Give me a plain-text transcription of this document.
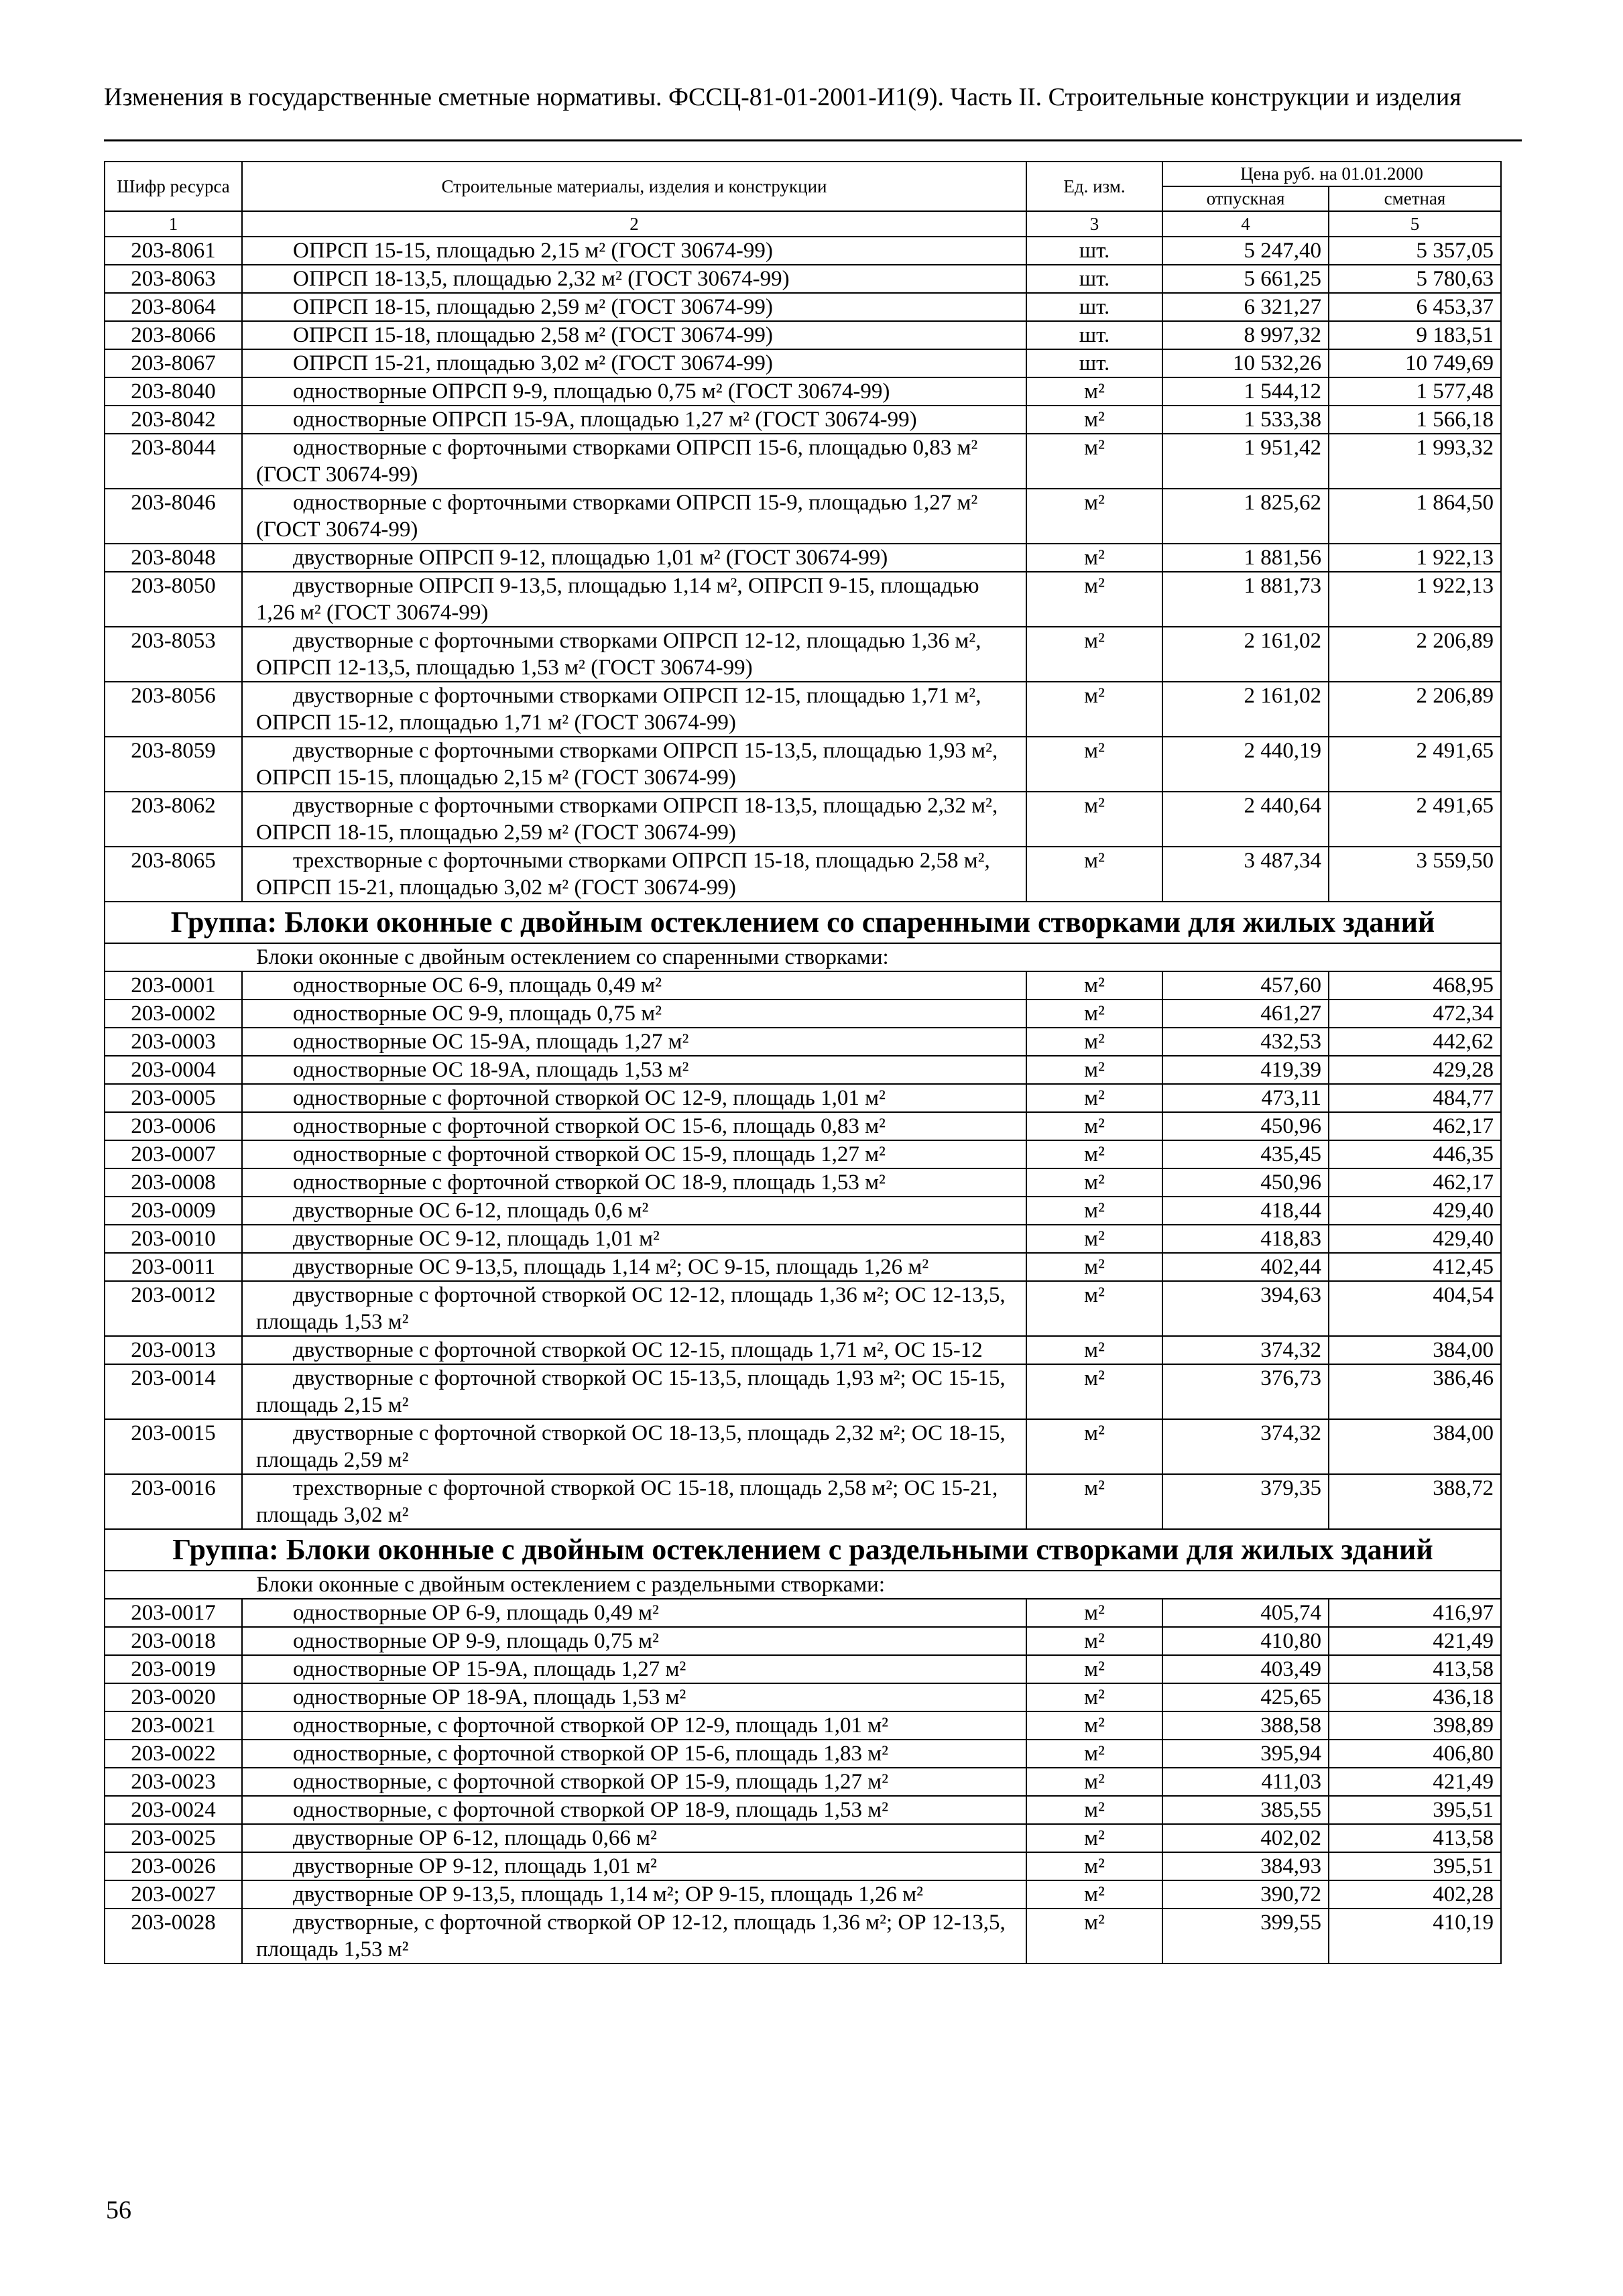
Изменения в государственные сметные нормативы. ФССЦ-81-01-2001-И1(9). Часть II. Строительные конструкции и изделия
Шифр ресурса	Строительные материалы, изделия и конструкции	Ед. изм.	Цена руб. на 01.01.2000	
			отпускная	сметная
1	2	3	4	5
203-8061	ОПРСП 15-15, площадью 2,15 м² (ГОСТ 30674-99)	шт.	5 247,40	5 357,05
203-8063	ОПРСП 18-13,5, площадью 2,32 м² (ГОСТ 30674-99)	шт.	5 661,25	5 780,63
203-8064	ОПРСП 18-15, площадью 2,59 м² (ГОСТ 30674-99)	шт.	6 321,27	6 453,37
203-8066	ОПРСП 15-18, площадью 2,58 м² (ГОСТ 30674-99)	шт.	8 997,32	9 183,51
203-8067	ОПРСП 15-21, площадью 3,02 м² (ГОСТ 30674-99)	шт.	10 532,26	10 749,69
203-8040	одностворные ОПРСП 9-9, площадью 0,75 м² (ГОСТ 30674-99)	м²	1 544,12	1 577,48
203-8042	одностворные ОПРСП 15-9А, площадью 1,27 м² (ГОСТ 30674-99)	м²	1 533,38	1 566,18
203-8044	одностворные с форточными створками ОПРСП 15-6, площадью 0,83 м² (ГОСТ 30674-99)	м²	1 951,42	1 993,32
203-8046	одностворные с форточными створками ОПРСП 15-9, площадью 1,27 м² (ГОСТ 30674-99)	м²	1 825,62	1 864,50
203-8048	двустворные ОПРСП 9-12, площадью 1,01 м² (ГОСТ 30674-99)	м²	1 881,56	1 922,13
203-8050	двустворные ОПРСП 9-13,5, площадью 1,14 м², ОПРСП 9-15, площадью 1,26 м² (ГОСТ 30674-99)	м²	1 881,73	1 922,13
203-8053	двустворные с форточными створками ОПРСП 12-12, площадью 1,36 м², ОПРСП 12-13,5, площадью 1,53 м² (ГОСТ 30674-99)	м²	2 161,02	2 206,89
203-8056	двустворные с форточными створками ОПРСП 12-15, площадью 1,71 м², ОПРСП 15-12, площадью 1,71 м² (ГОСТ 30674-99)	м²	2 161,02	2 206,89
203-8059	двустворные с форточными створками ОПРСП 15-13,5, площадью 1,93 м², ОПРСП 15-15, площадью 2,15 м² (ГОСТ 30674-99)	м²	2 440,19	2 491,65
203-8062	двустворные с форточными створками ОПРСП 18-13,5, площадью 2,32 м², ОПРСП 18-15, площадью 2,59 м² (ГОСТ 30674-99)	м²	2 440,64	2 491,65
203-8065	трехстворные с форточными створками ОПРСП 15-18, площадью 2,58 м², ОПРСП 15-21, площадью 3,02 м² (ГОСТ 30674-99)	м²	3 487,34	3 559,50
Группа: Блоки оконные с двойным остеклением со спаренными створками для жилых зданий				
Блоки оконные с двойным остеклением со спаренными створками:				
203-0001	одностворные ОС 6-9, площадь 0,49 м²	м²	457,60	468,95
203-0002	одностворные ОС 9-9, площадь 0,75 м²	м²	461,27	472,34
203-0003	одностворные ОС 15-9А, площадь 1,27 м²	м²	432,53	442,62
203-0004	одностворные ОС 18-9А, площадь 1,53 м²	м²	419,39	429,28
203-0005	одностворные с форточной створкой ОС 12-9, площадь 1,01 м²	м²	473,11	484,77
203-0006	одностворные с форточной створкой ОС 15-6, площадь 0,83 м²	м²	450,96	462,17
203-0007	одностворные с форточной створкой ОС 15-9, площадь 1,27 м²	м²	435,45	446,35
203-0008	одностворные с форточной створкой ОС 18-9, площадь 1,53 м²	м²	450,96	462,17
203-0009	двустворные ОС 6-12, площадь 0,6 м²	м²	418,44	429,40
203-0010	двустворные ОС 9-12, площадь 1,01 м²	м²	418,83	429,40
203-0011	двустворные ОС 9-13,5, площадь 1,14 м²; ОС 9-15, площадь 1,26 м²	м²	402,44	412,45
203-0012	двустворные с форточной створкой ОС 12-12, площадь 1,36 м²; ОС 12-13,5, площадь 1,53 м²	м²	394,63	404,54
203-0013	двустворные с форточной створкой ОС 12-15, площадь 1,71 м², ОС 15-12	м²	374,32	384,00
203-0014	двустворные с форточной створкой ОС 15-13,5, площадь 1,93 м²; ОС 15-15, площадь 2,15 м²	м²	376,73	386,46
203-0015	двустворные с форточной створкой ОС 18-13,5, площадь 2,32 м²; ОС 18-15, площадь 2,59 м²	м²	374,32	384,00
203-0016	трехстворные с форточной створкой ОС 15-18, площадь 2,58 м²; ОС 15-21, площадь 3,02 м²	м²	379,35	388,72
Группа: Блоки оконные с двойным остеклением с раздельными створками для жилых зданий				
Блоки оконные с двойным остеклением с раздельными створками:				
203-0017	одностворные ОР 6-9, площадь 0,49 м²	м²	405,74	416,97
203-0018	одностворные ОР 9-9, площадь 0,75 м²	м²	410,80	421,49
203-0019	одностворные ОР 15-9А, площадь 1,27 м²	м²	403,49	413,58
203-0020	одностворные ОР 18-9А, площадь 1,53 м²	м²	425,65	436,18
203-0021	одностворные, с форточной створкой ОР 12-9, площадь 1,01 м²	м²	388,58	398,89
203-0022	одностворные, с форточной створкой ОР 15-6, площадь 1,83 м²	м²	395,94	406,80
203-0023	одностворные, с форточной створкой ОР 15-9, площадь 1,27 м²	м²	411,03	421,49
203-0024	одностворные, с форточной створкой ОР 18-9, площадь 1,53 м²	м²	385,55	395,51
203-0025	двустворные ОР 6-12, площадь 0,66 м²	м²	402,02	413,58
203-0026	двустворные ОР 9-12, площадь 1,01 м²	м²	384,93	395,51
203-0027	двустворные ОР 9-13,5, площадь 1,14 м²; ОР 9-15, площадь 1,26 м²	м²	390,72	402,28
203-0028	двустворные, с форточной створкой ОР 12-12, площадь 1,36 м²; ОР 12-13,5, площадь 1,53 м²	м²	399,55	410,19
56
